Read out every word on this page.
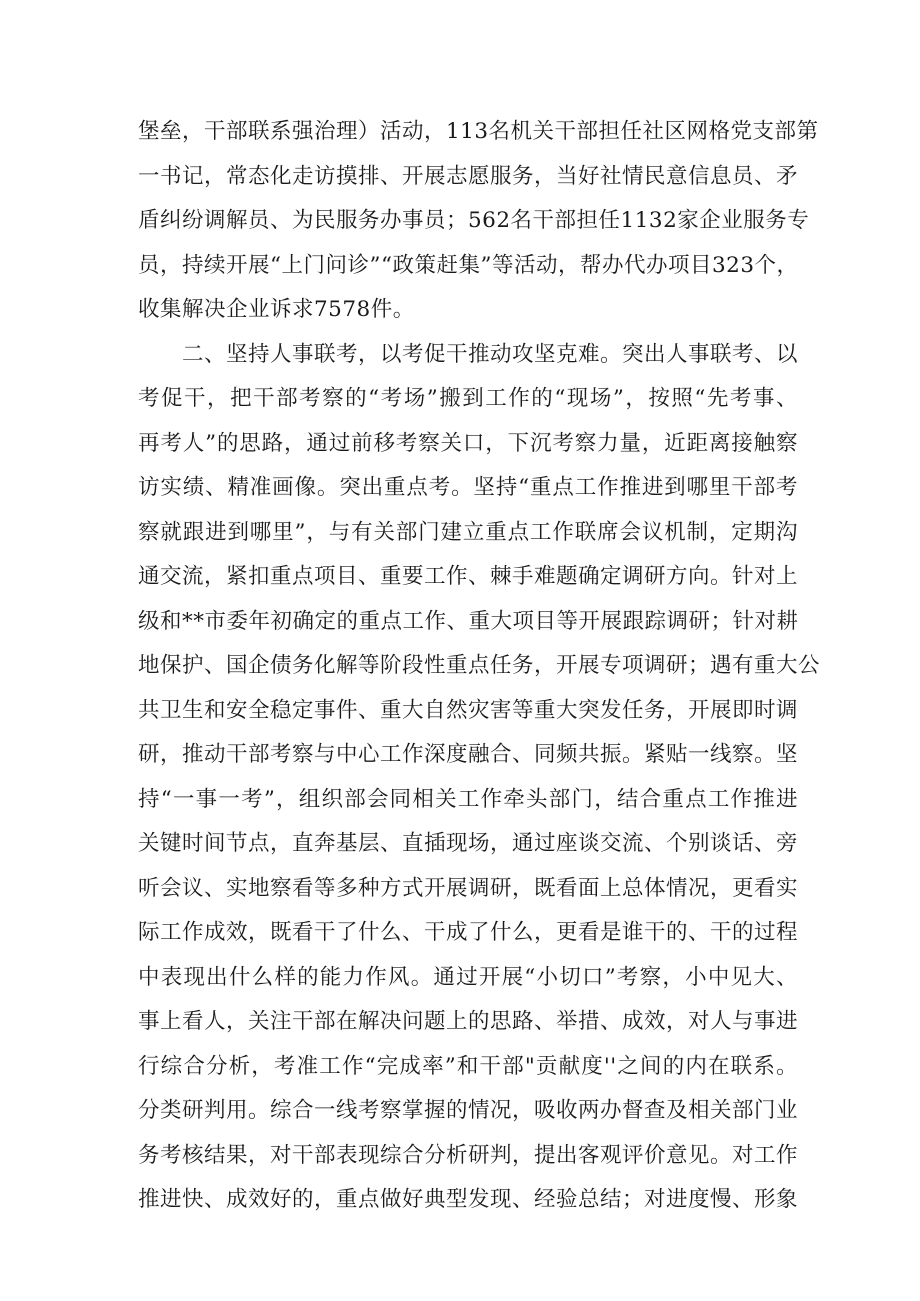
堡垒，干部联系强治理）活动，113名机关干部担任社区网格党支部第
一书记，常态化走访摸排、开展志愿服务，当好社情民意信息员、矛
盾纠纷调解员、为民服务办事员；562名干部担任1132家企业服务专
员，持续开展“上门问诊”“政策赶集”等活动，帮办代办项目323个，
收集解决企业诉求7578件。
二、坚持人事联考，以考促干推动攻坚克难。突出人事联考、以
考促干，把干部考察的“考场”搬到工作的“现场”，按照“先考事、
再考人”的思路，通过前移考察关口，下沉考察力量，近距离接触察
访实绩、精准画像。突出重点考。坚持“重点工作推进到哪里干部考
察就跟进到哪里”，与有关部门建立重点工作联席会议机制，定期沟
通交流，紧扣重点项目、重要工作、棘手难题确定调研方向。针对上
级和**市委年初确定的重点工作、重大项目等开展跟踪调研；针对耕
地保护、国企债务化解等阶段性重点任务，开展专项调研；遇有重大公
共卫生和安全稳定事件、重大自然灾害等重大突发任务，开展即时调
研，推动干部考察与中心工作深度融合、同频共振。紧贴一线察。坚
持“一事一考”，组织部会同相关工作牵头部门，结合重点工作推进
关键时间节点，直奔基层、直插现场，通过座谈交流、个别谈话、旁
听会议、实地察看等多种方式开展调研，既看面上总体情况，更看实
际工作成效，既看干了什么、干成了什么，更看是谁干的、干的过程
中表现出什么样的能力作风。通过开展“小切口”考察，小中见大、
事上看人，关注干部在解决问题上的思路、举措、成效，对人与事进
行综合分析，考准工作“完成率”和干部"贡献度''之间的内在联系。
分类研判用。综合一线考察掌握的情况，吸收两办督查及相关部门业
务考核结果，对干部表现综合分析研判，提出客观评价意见。对工作
推进快、成效好的，重点做好典型发现、经验总结；对进度慢、形象
